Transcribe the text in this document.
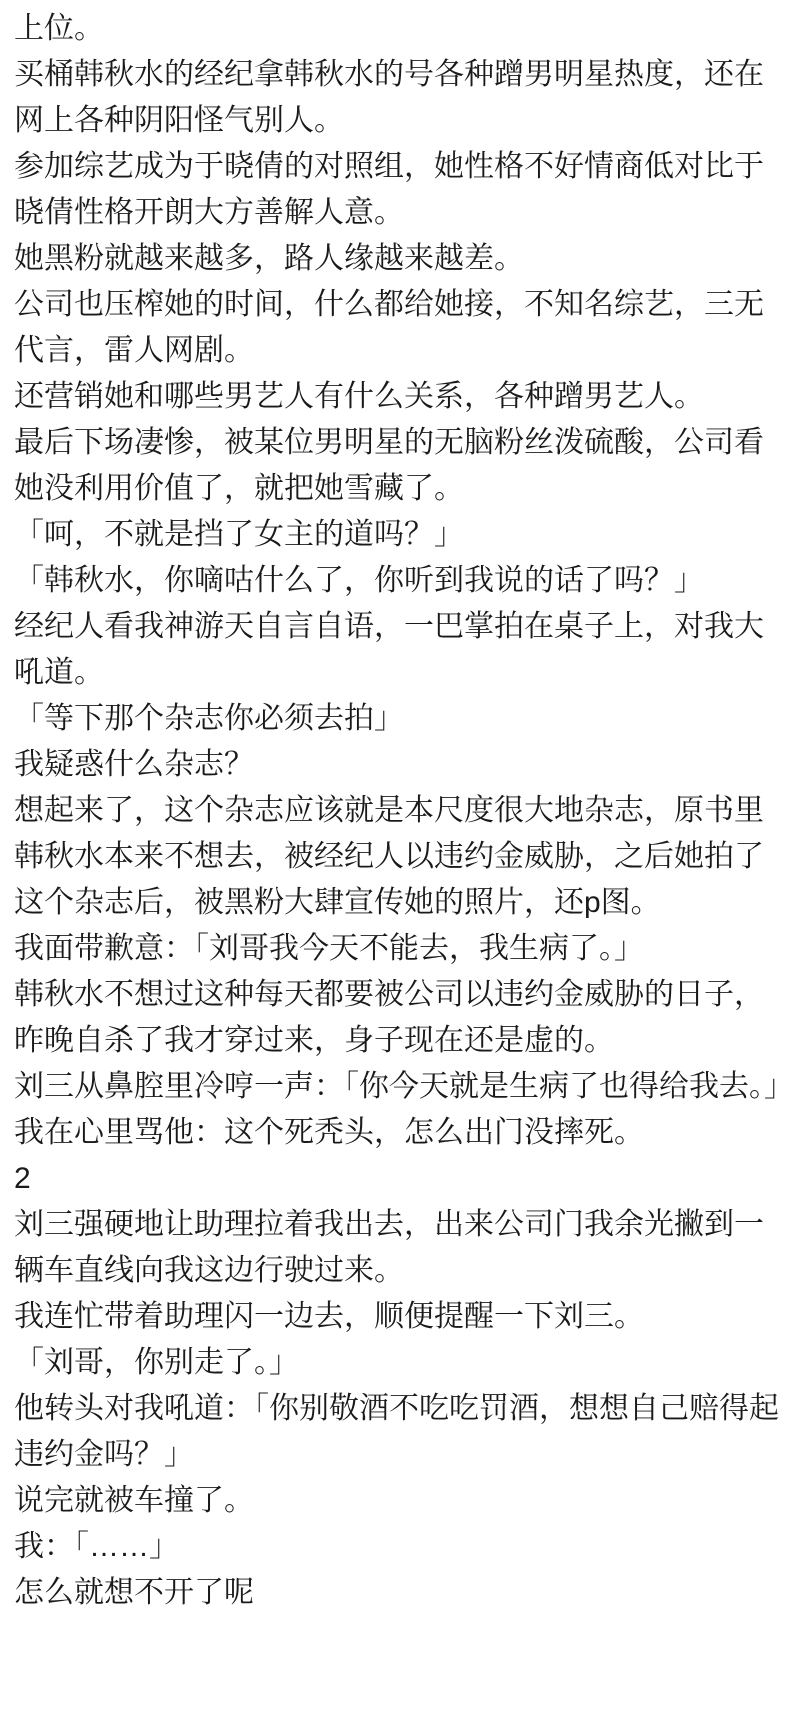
上位。

买桶韩秋水的经纪拿韩秋水的号各种蹭男明星热度，还在网上各种阴阳怪气别人。

参加综艺成为于晓倩的对照组，她性格不好情商低对比于晓倩性格开朗大方善解人意。

她黑粉就越来越多，路人缘越来越差。

公司也压榨她的时间，什么都给她接，不知名综艺，三无代言，雷人网剧。

还营销她和哪些男艺人有什么关系，各种蹭男艺人。

最后下场凄惨，被某位男明星的无脑粉丝泼硫酸，公司看她没利用价值了，就把她雪藏了。

「呵，不就是挡了女主的道吗？」

「韩秋水，你嘀咕什么了，你听到我说的话了吗？」

经纪人看我神游天自言自语，一巴掌拍在桌子上，对我大吼道。

「等下那个杂志你必须去拍」

我疑惑什么杂志？

想起来了，这个杂志应该就是本尺度很大地杂志，原书里韩秋水本来不想去，被经纪人以违约金威胁，之后她拍了这个杂志后，被黑粉大肆宣传她的照片，还p图。

我面带歉意：「刘哥我今天不能去，我生病了。」

韩秋水不想过这种每天都要被公司以违约金威胁的日子，昨晚自杀了我才穿过来，身子现在还是虚的。

刘三从鼻腔里冷哼一声：「你今天就是生病了也得给我去。」

我在心里骂他：这个死秃头，怎么出门没摔死。

2

刘三强硬地让助理拉着我出去，出来公司门我余光撇到一辆车直线向我这边行驶过来。

我连忙带着助理闪一边去，顺便提醒一下刘三。

「刘哥，你别走了。」

他转头对我吼道：「你别敬酒不吃吃罚酒，想想自己赔得起违约金吗？」

说完就被车撞了。

我：「……」

怎么就想不开了呢
